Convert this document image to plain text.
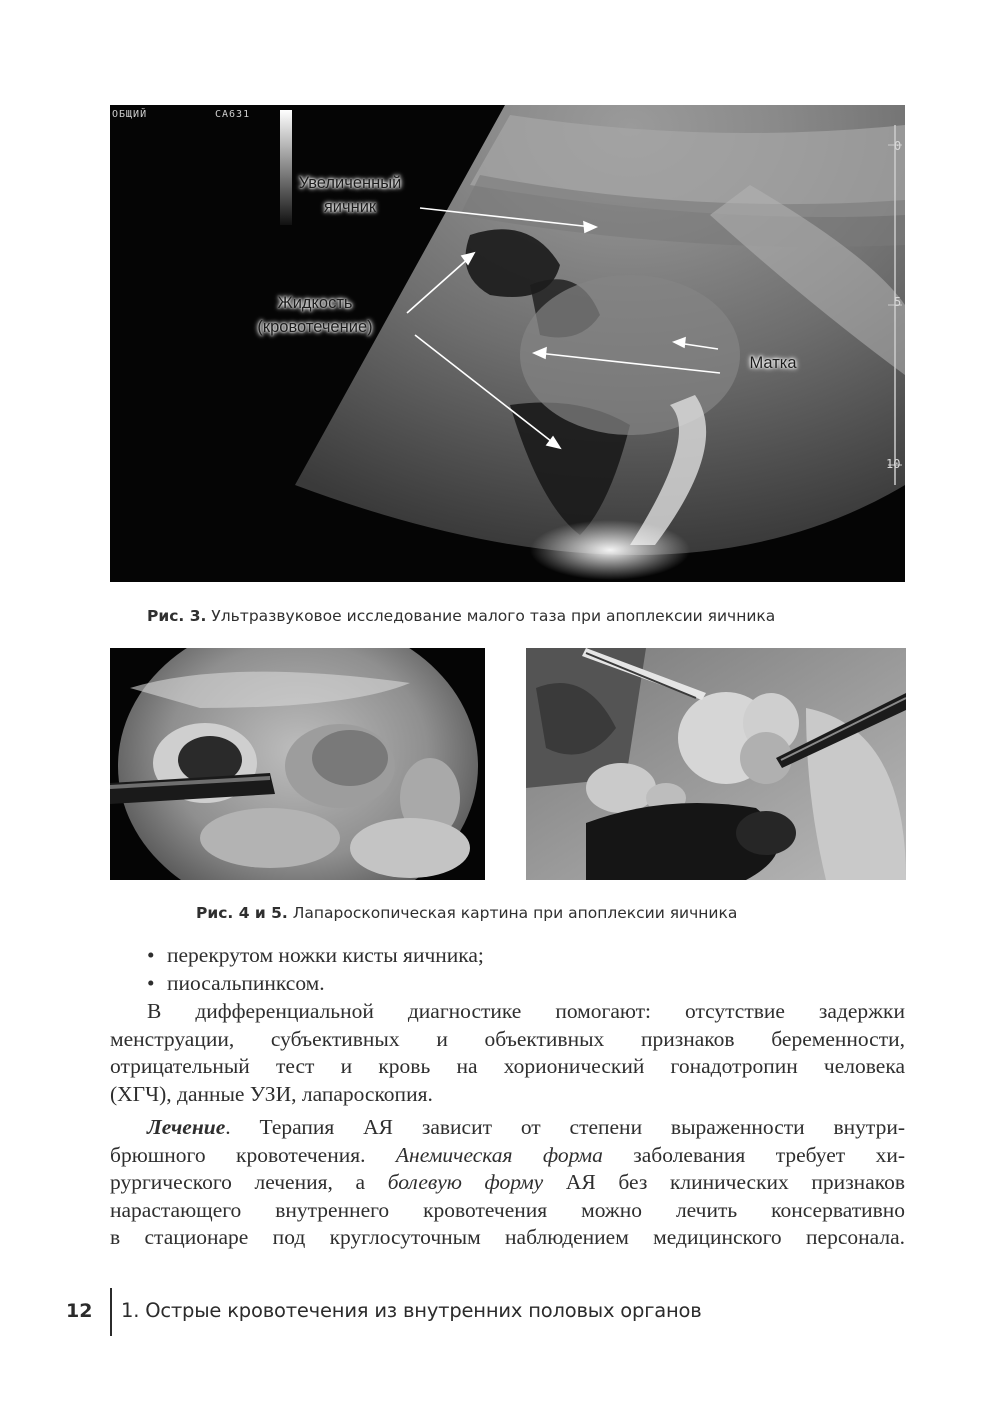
ОБЩИЙ	CA631
0
5
10
Увеличенный
яичник
Жидкость
(кровотечение)
Матка
Рис. 3. Ультразвуковое исследование малого таза при апоплексии яичника
Рис. 4 и 5. Лапароскопическая картина при апоплексии яичника
• перекрутом ножки кисты яичника;
• пиосальпинксом.

В дифференциальной диагностике помогают: отсутствие задержки

менструации, субъективных и объективных признаков беременности,

отрицательный тест и кровь на хорионический гонадотропин человека

(ХГЧ), данные УЗИ, лапароскопия.

Лечение. Терапия АЯ зависит от степени выраженности внутри-

брюшного кровотечения. Анемическая форма заболевания требует хи-

рургического лечения, а болевую форму АЯ без клинических признаков

нарастающего внутреннего кровотечения можно лечить консервативно

в стационаре под круглосуточным наблюдением медицинского персонала.

12 1. Острые кровотечения из внутренних половых органов
